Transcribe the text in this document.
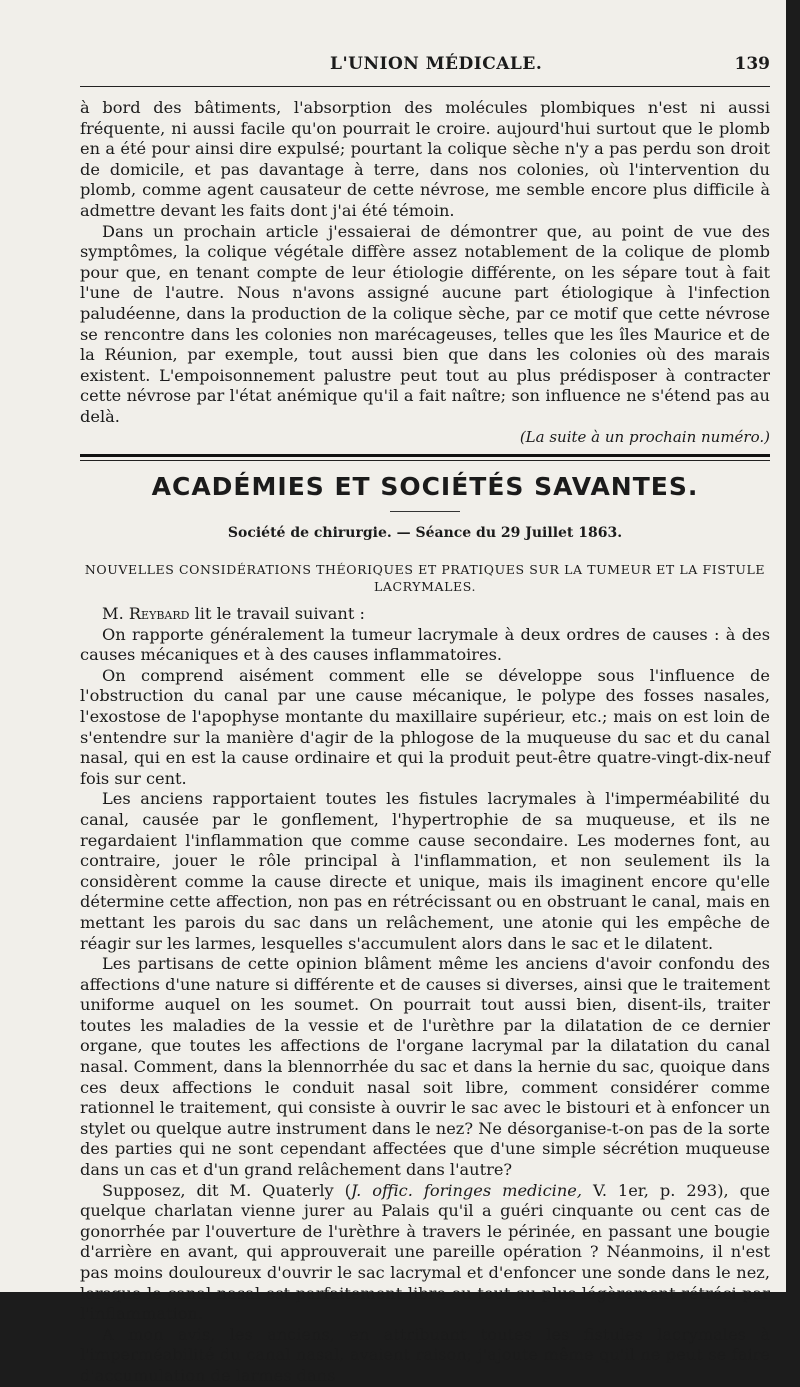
L'UNION MÉDICALE.	139

à bord des bâtiments, l'absorption des molécules plombiques n'est ni aussi fréquente, ni aussi facile qu'on pourrait le croire. aujourd'hui surtout que le plomb en a été pour ainsi dire expulsé; pourtant la colique sèche n'y a pas perdu son droit de domicile, et pas davantage à terre, dans nos colonies, où l'intervention du plomb, comme agent causateur de cette névrose, me semble encore plus difficile à admettre devant les faits dont j'ai été témoin.

Dans un prochain article j'essaierai de démontrer que, au point de vue des symptômes, la colique végétale diffère assez notablement de la colique de plomb pour que, en tenant compte de leur étiologie différente, on les sépare tout à fait l'une de l'autre. Nous n'avons assigné aucune part étiologique à l'infection paludéenne, dans la production de la colique sèche, par ce motif que cette névrose se rencontre dans les colonies non marécageuses, telles que les îles Maurice et de la Réunion, par exemple, tout aussi bien que dans les colonies où des marais existent. L'empoisonnement palustre peut tout au plus prédisposer à contracter cette névrose par l'état anémique qu'il a fait naître; son influence ne s'étend pas au delà.

(La suite à un prochain numéro.)
ACADÉMIES ET SOCIÉTÉS SAVANTES.
Société de chirurgie. — Séance du 29 Juillet 1863.
NOUVELLES CONSIDÉRATIONS THÉORIQUES ET PRATIQUES SUR LA TUMEUR ET LA FISTULE LACRYMALES.

M. Reybard lit le travail suivant :

On rapporte généralement la tumeur lacrymale à deux ordres de causes : à des causes mécaniques et à des causes inflammatoires.

On comprend aisément comment elle se développe sous l'influence de l'obstruction du canal par une cause mécanique, le polype des fosses nasales, l'exostose de l'apophyse montante du maxillaire supérieur, etc.; mais on est loin de s'entendre sur la manière d'agir de la phlogose de la muqueuse du sac et du canal nasal, qui en est la cause ordinaire et qui la produit peut-être quatre-vingt-dix-neuf fois sur cent.

Les anciens rapportaient toutes les fistules lacrymales à l'imperméabilité du canal, causée par le gonflement, l'hypertrophie de sa muqueuse, et ils ne regardaient l'inflammation que comme cause secondaire. Les modernes font, au contraire, jouer le rôle principal à l'inflammation, et non seulement ils la considèrent comme la cause directe et unique, mais ils imaginent encore qu'elle détermine cette affection, non pas en rétrécissant ou en obstruant le canal, mais en mettant les parois du sac dans un relâchement, une atonie qui les empêche de réagir sur les larmes, lesquelles s'accumulent alors dans le sac et le dilatent.

Les partisans de cette opinion blâment même les anciens d'avoir confondu des affections d'une nature si différente et de causes si diverses, ainsi que le traitement uniforme auquel on les soumet. On pourrait tout aussi bien, disent-ils, traiter toutes les maladies de la vessie et de l'urèthre par la dilatation de ce dernier organe, que toutes les affections de l'organe lacrymal par la dilatation du canal nasal. Comment, dans la blennorrhée du sac et dans la hernie du sac, quoique dans ces deux affections le conduit nasal soit libre, comment considérer comme rationnel le traitement, qui consiste à ouvrir le sac avec le bistouri et à enfoncer un stylet ou quelque autre instrument dans le nez? Ne désorganise-t-on pas de la sorte des parties qui ne sont cependant affectées que d'une simple sécrétion muqueuse dans un cas et d'un grand relâchement dans l'autre?

Supposez, dit M. Quaterly (J. offic. foringes medicine, V. 1er, p. 293), que quelque charlatan vienne jurer au Palais qu'il a guéri cinquante ou cent cas de gonorrhée par l'ouverture de l'urèthre à travers le périnée, en passant une bougie d'arrière en avant, qui approuverait une pareille opération ? Néanmoins, il n'est pas moins douloureux d'ouvrir le sac lacrymal et d'enfoncer une sonde dans le nez, lorsque le canal nasal est parfaitement libre ou tout au plus légèrement rétréci par l'inflammation.

A mon avis, les anciens, en attribuant toutes les fistules lacrymales à l'imperméabilité du canal nasal, avaient raison; j'ajoute même qu'il ne peut se faire d'accumulation de larmes dans
